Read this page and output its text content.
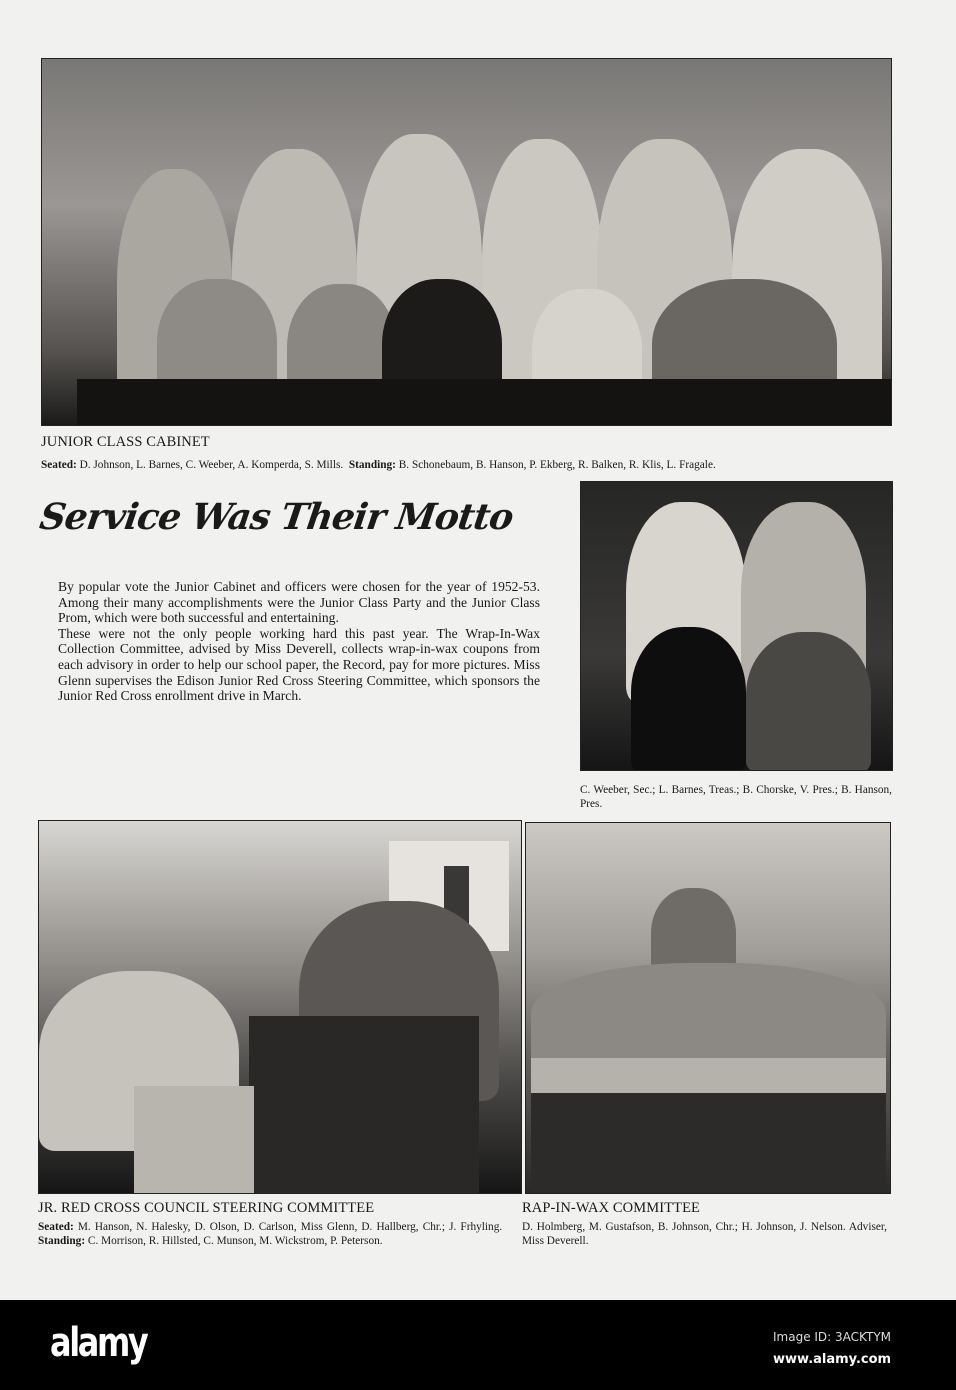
JUNIOR CLASS CABINET
Seated: D. Johnson, L. Barnes, C. Weeber, A. Komperda, S. Mills. Standing: B. Schonebaum, B. Hanson, P. Ekberg, R. Balken, R. Klis, L. Fragale.
Service Was Their Motto

By popular vote the Junior Cabinet and officers were chosen for the year of 1952-53. Among their many accomplishments were the Junior Class Party and the Junior Class Prom, which were both successful and entertaining.

These were not the only people working hard this past year. The Wrap-In-Wax Collection Committee, advised by Miss Deverell, collects wrap-in-wax coupons from each advisory in order to help our school paper, the Record, pay for more pictures. Miss Glenn supervises the Edison Junior Red Cross Steering Committee, which sponsors the Junior Red Cross enrollment drive in March.

C. Weeber, Sec.; L. Barnes, Treas.; B. Chorske, V. Pres.; B. Hanson, Pres.
JR. RED CROSS COUNCIL STEERING COMMITTEE
Seated: M. Hanson, N. Halesky, D. Olson, D. Carlson, Miss Glenn, D. Hallberg, Chr.; J. Frhyling.  Standing: C. Morrison, R. Hillsted, C. Munson, M. Wickstrom, P. Peterson.
RAP-IN-WAX COMMITTEE
D. Holmberg, M. Gustafson, B. Johnson, Chr.; H. Johnson, J. Nelson. Adviser, Miss Deverell.
alamy	Image ID: 3ACKTYM
www.alamy.com
